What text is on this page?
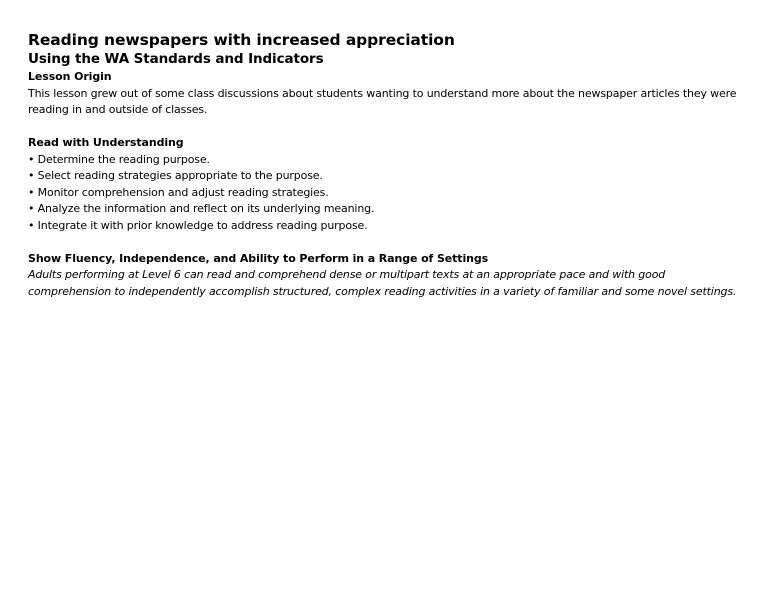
Reading newspapers with increased appreciation
Using the WA Standards and Indicators
Lesson Origin

This lesson grew out of some class discussions about students wanting to understand more about the newspaper articles they were reading in and outside of classes.

Read with Understanding
• Determine the reading purpose.
• Select reading strategies appropriate to the purpose.
• Monitor comprehension and adjust reading strategies.
• Analyze the information and reflect on its underlying meaning.
• Integrate it with prior knowledge to address reading purpose.
Show Fluency, Independence, and Ability to Perform in a Range of Settings

Adults performing at Level 6 can read and comprehend dense or multipart texts at an appropriate pace and with good comprehension to independently accomplish structured, complex reading activities in a variety of familiar and some novel settings.
